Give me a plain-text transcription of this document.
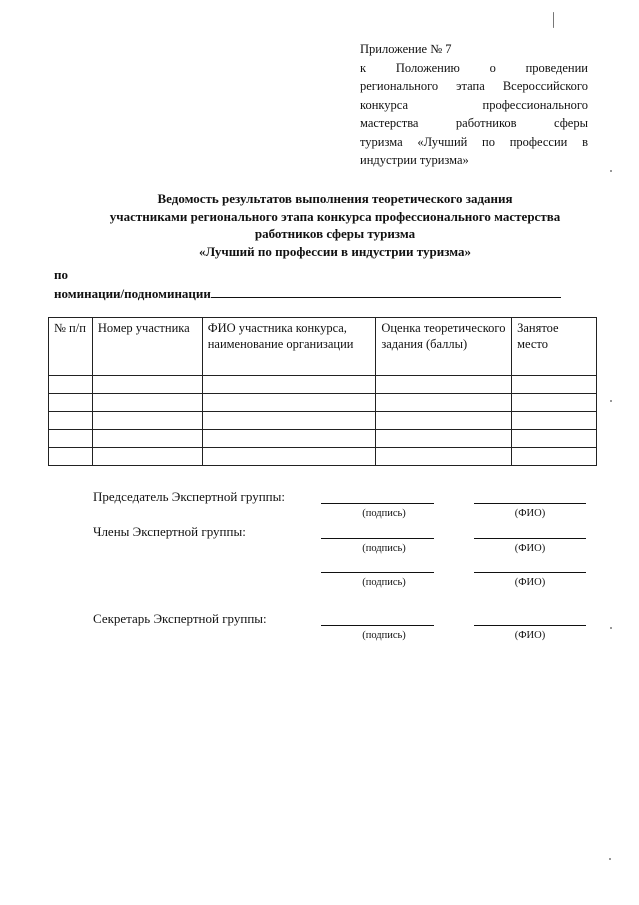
Приложение № 7
к Положению о проведении
регионального этапа Всероссийского
конкурса профессионального
мастерства работников сферы
туризма «Лучший по профессии в
индустрии туризма»
Ведомость результатов выполнения теоретического задания
участниками регионального этапа конкурса профессионального мастерства
работников сферы туризма
«Лучший по профессии в индустрии туризма»
по
номинации/подноминации
№ п/п	Номер участника	ФИО участника конкурса, наименование организации	Оценка теоретического задания (баллы)	Занятое место

Председатель Экспертной группы:
(подпись)	(ФИО)
Члены Экспертной группы:
(подпись)	(ФИО)
(подпись)	(ФИО)
Секретарь Экспертной группы:
(подпись)	(ФИО)
